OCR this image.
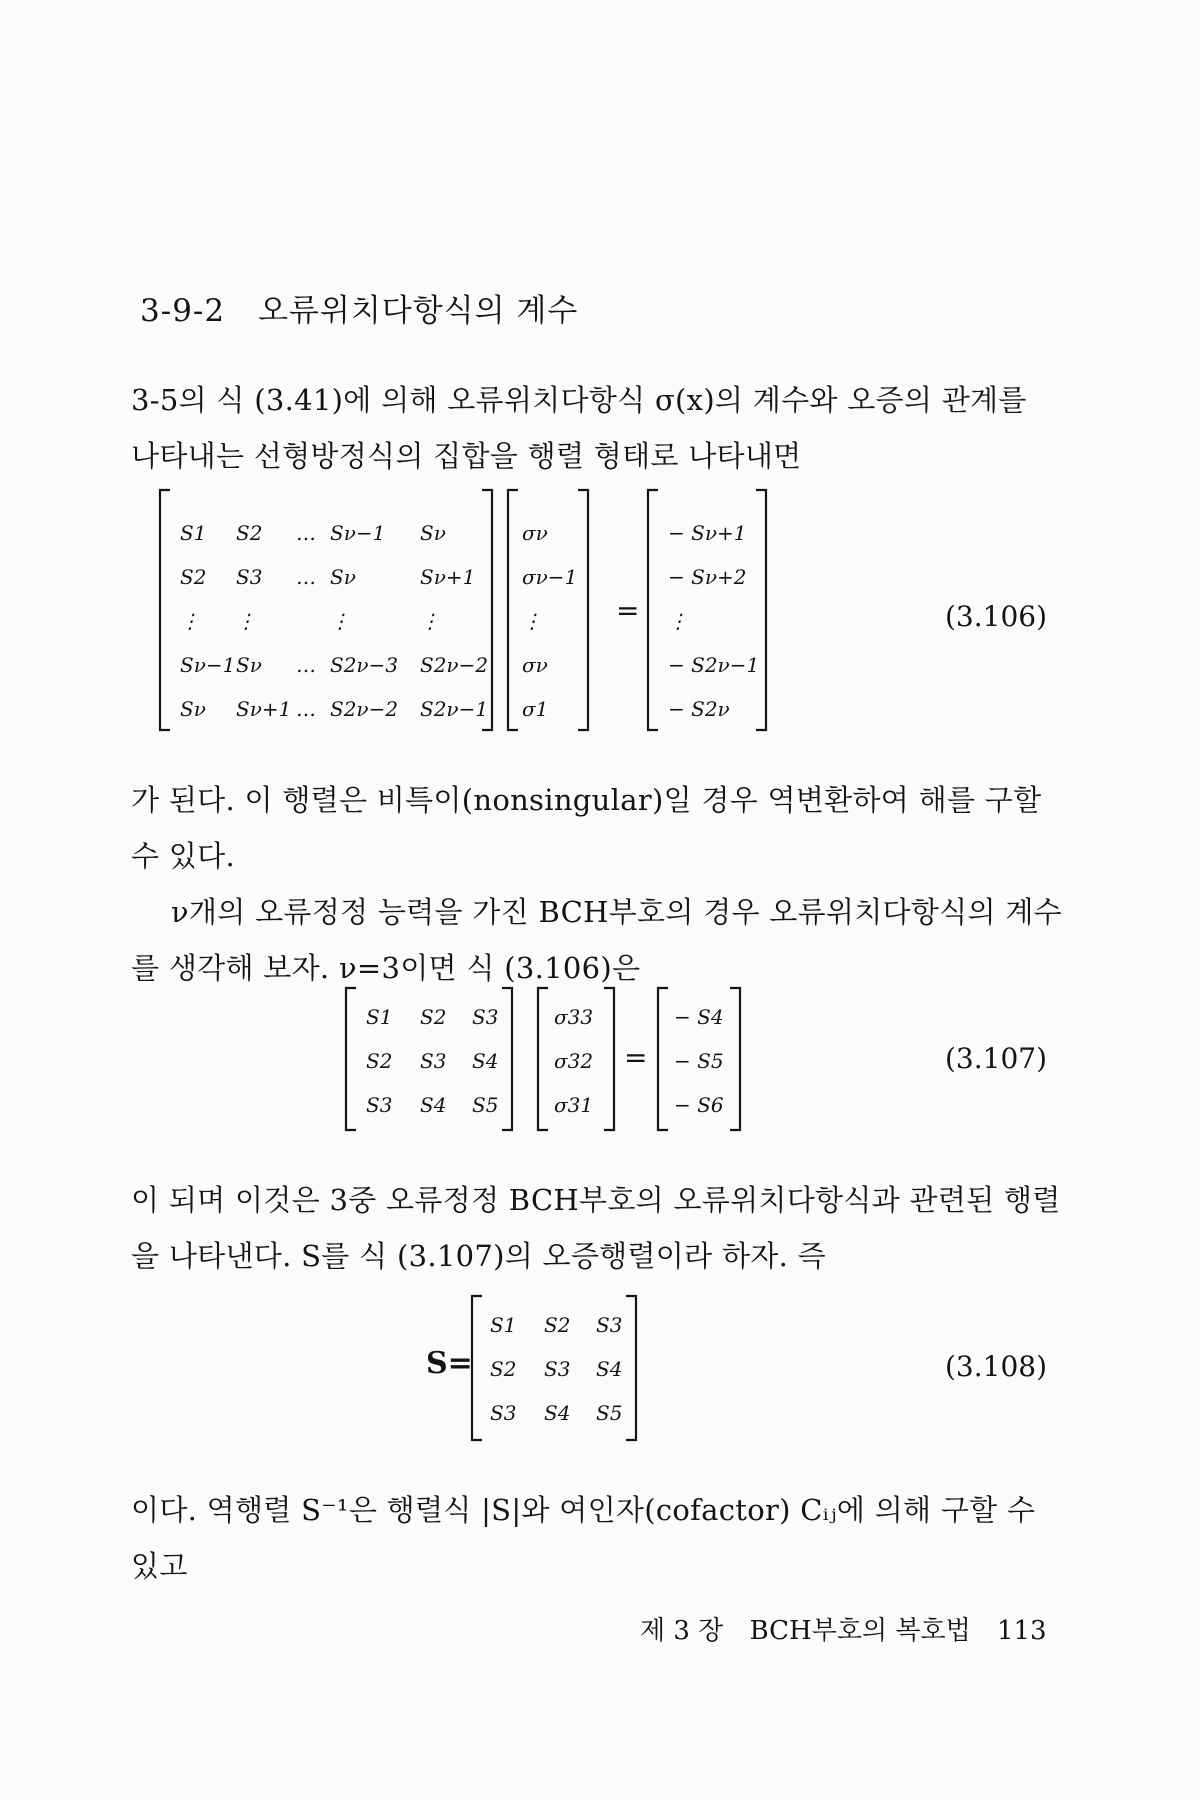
3-9-2 오류위치다항식의 계수

3-5의 식 (3.41)에 의해 오류위치다항식 σ(x)의 계수와 오증의 관계를

나타내는 선형방정식의 집합을 행렬 형태로 나타내면

S1 S2 … Sν−1 Sν
S2 S3 … Sν	Sν+1
⋮ ⋮	⋮	⋮
Sν−1 Sν … S2ν−3 S2ν−2
Sν Sν+1 … S2ν−2 S2ν−1
σν
σν−1
⋮
σν
σ1
− Sν+1
− Sν+2
⋮
− S2ν−1
− S2ν
=
S1 S2 S3
S2 S3 S4
S3 S4 S5
σ33
σ32
σ31
− S4
− S5
− S6
=
S=
S1 S2 S3
S2 S3 S4
S3 S4 S5
(3.106)

가 된다. 이 행렬은 비특이(nonsingular)일 경우 역변환하여 해를 구할

수 있다.

ν개의 오류정정 능력을 가진 BCH부호의 경우 오류위치다항식의 계수

를 생각해 보자. ν=3이면 식 (3.106)은

(3.107)

이 되며 이것은 3중 오류정정 BCH부호의 오류위치다항식과 관련된 행렬

을 나타낸다. S를 식 (3.107)의 오증행렬이라 하자. 즉

(3.108)

이다. 역행렬 S⁻¹은 행렬식 |S|와 여인자(cofactor) Cᵢⱼ에 의해 구할 수

있고

제 3 장 BCH부호의 복호법 113
